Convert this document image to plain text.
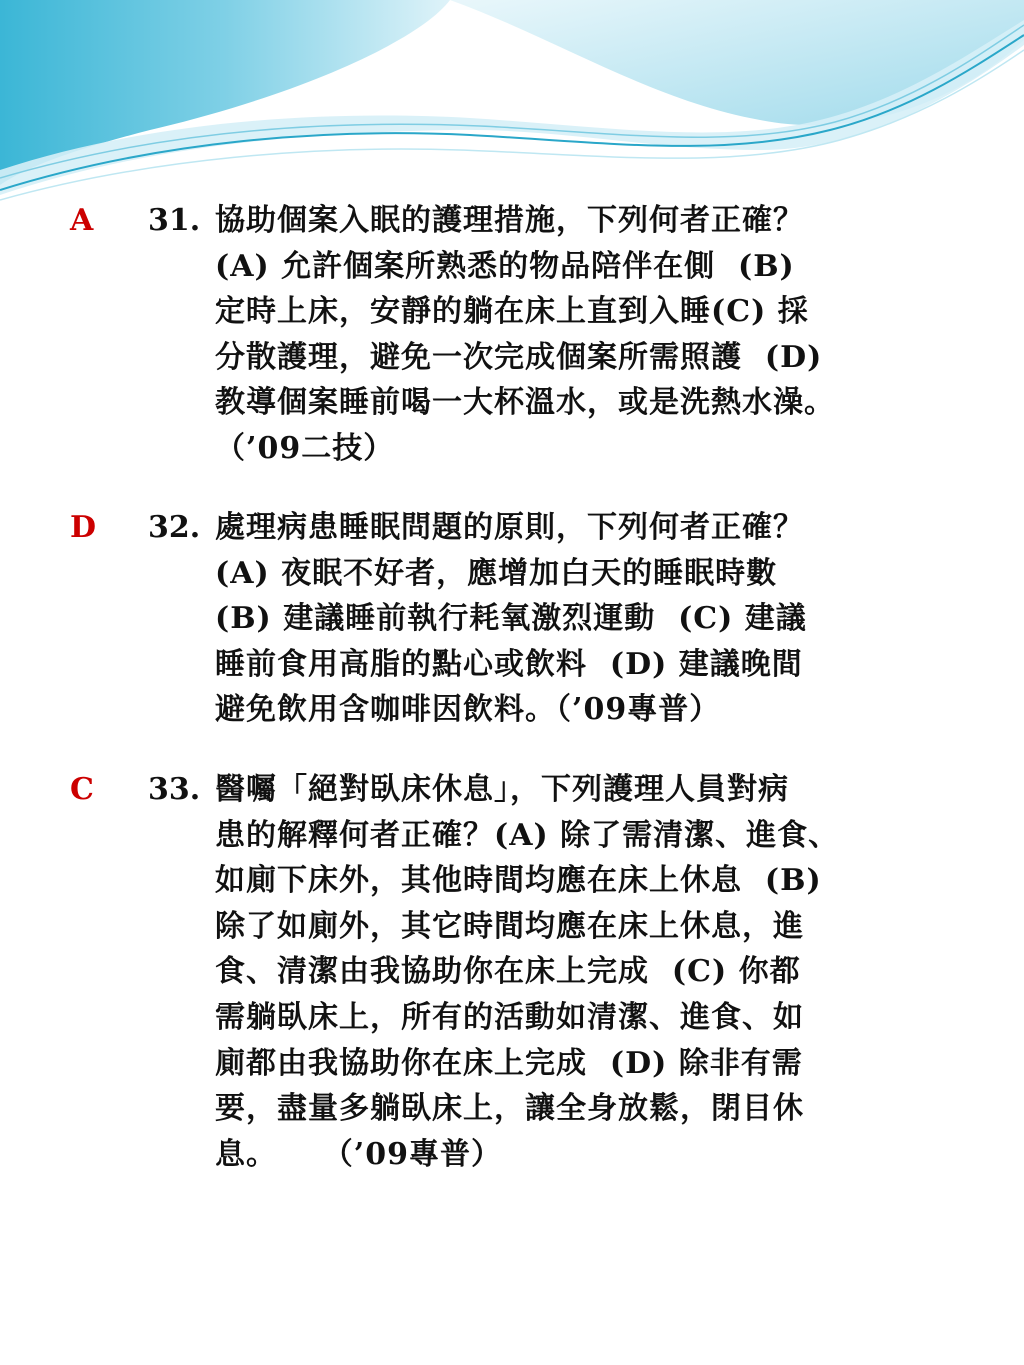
A 31. 協助個案入眠的護理措施，下列何者正確？
(A) 允許個案所熟悉的物品陪伴在側  (B)
定時上床，安靜的躺在床上直到入睡(C) 採
分散護理，避免一次完成個案所需照護  (D)
教導個案睡前喝一大杯溫水，或是洗熱水澡。
（’09二技）
D 32. 處理病患睡眠問題的原則，下列何者正確？
(A) 夜眠不好者，應增加白天的睡眠時數
(B) 建議睡前執行耗氧激烈運動  (C) 建議
睡前食用高脂的點心或飲料  (D) 建議晚間
避免飲用含咖啡因飲料。（’09專普）
C 33. 醫囑「絕對臥床休息」，下列護理人員對病
患的解釋何者正確？(A) 除了需清潔、進食、
如廁下床外，其他時間均應在床上休息  (B)
除了如廁外，其它時間均應在床上休息，進
食、清潔由我協助你在床上完成  (C) 你都
需躺臥床上，所有的活動如清潔、進食、如
廁都由我協助你在床上完成  (D) 除非有需
要，盡量多躺臥床上，讓全身放鬆，閉目休
息。    （’09專普）
